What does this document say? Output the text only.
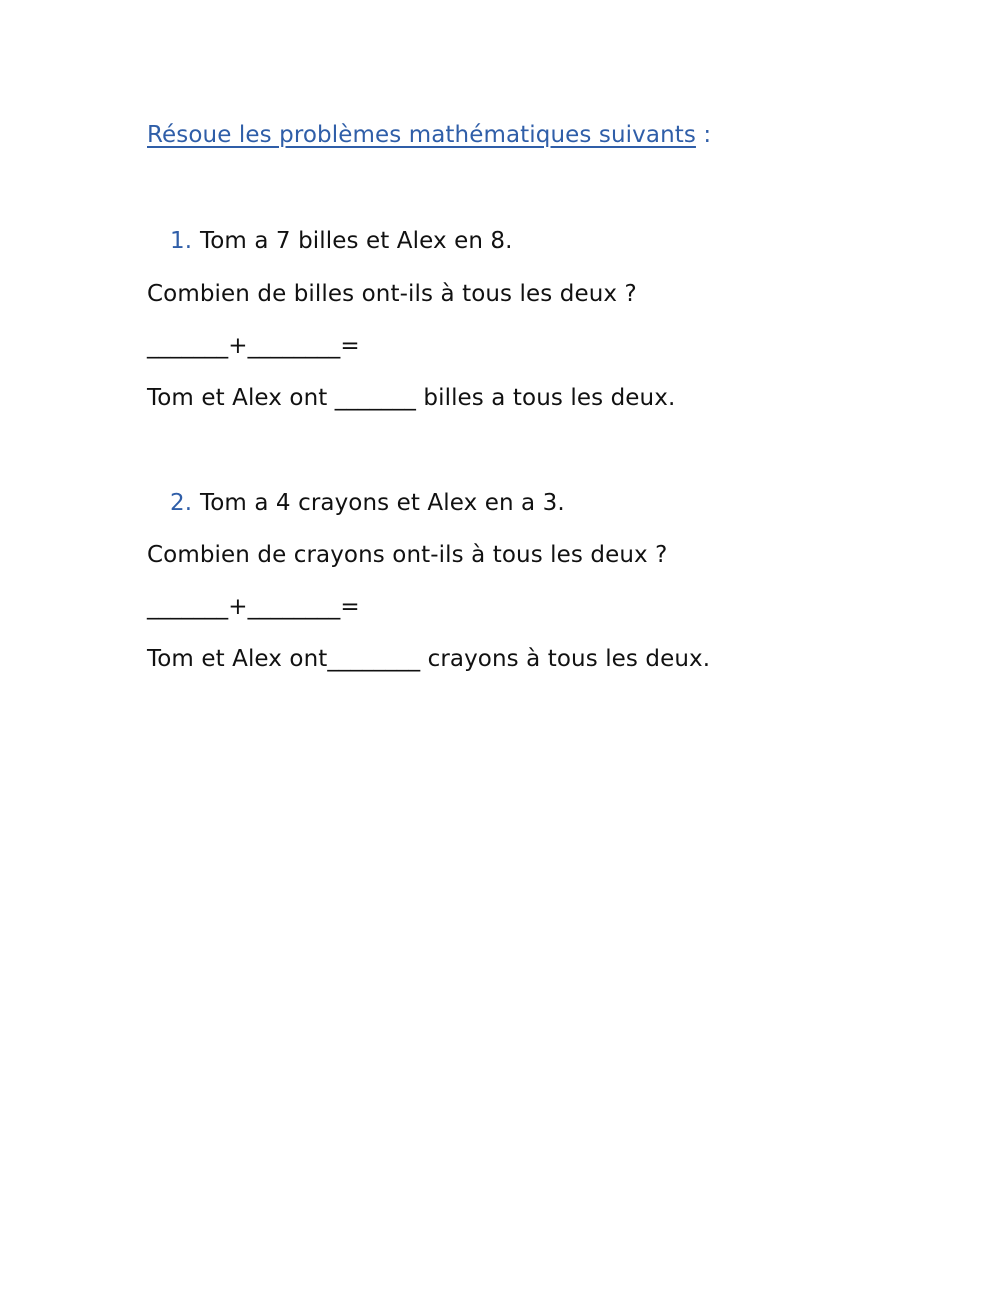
Résoue les problèmes mathématiques suivants :
1. Tom a 7 billes et Alex en 8.
Combien de billes ont-ils à tous les deux ?
_______+________=
Tom et Alex ont _______ billes a tous les deux.
2. Tom a 4 crayons et Alex en a 3.
Combien de crayons ont-ils à tous les deux ?
_______+________=
Tom et Alex ont________ crayons à tous les deux.
